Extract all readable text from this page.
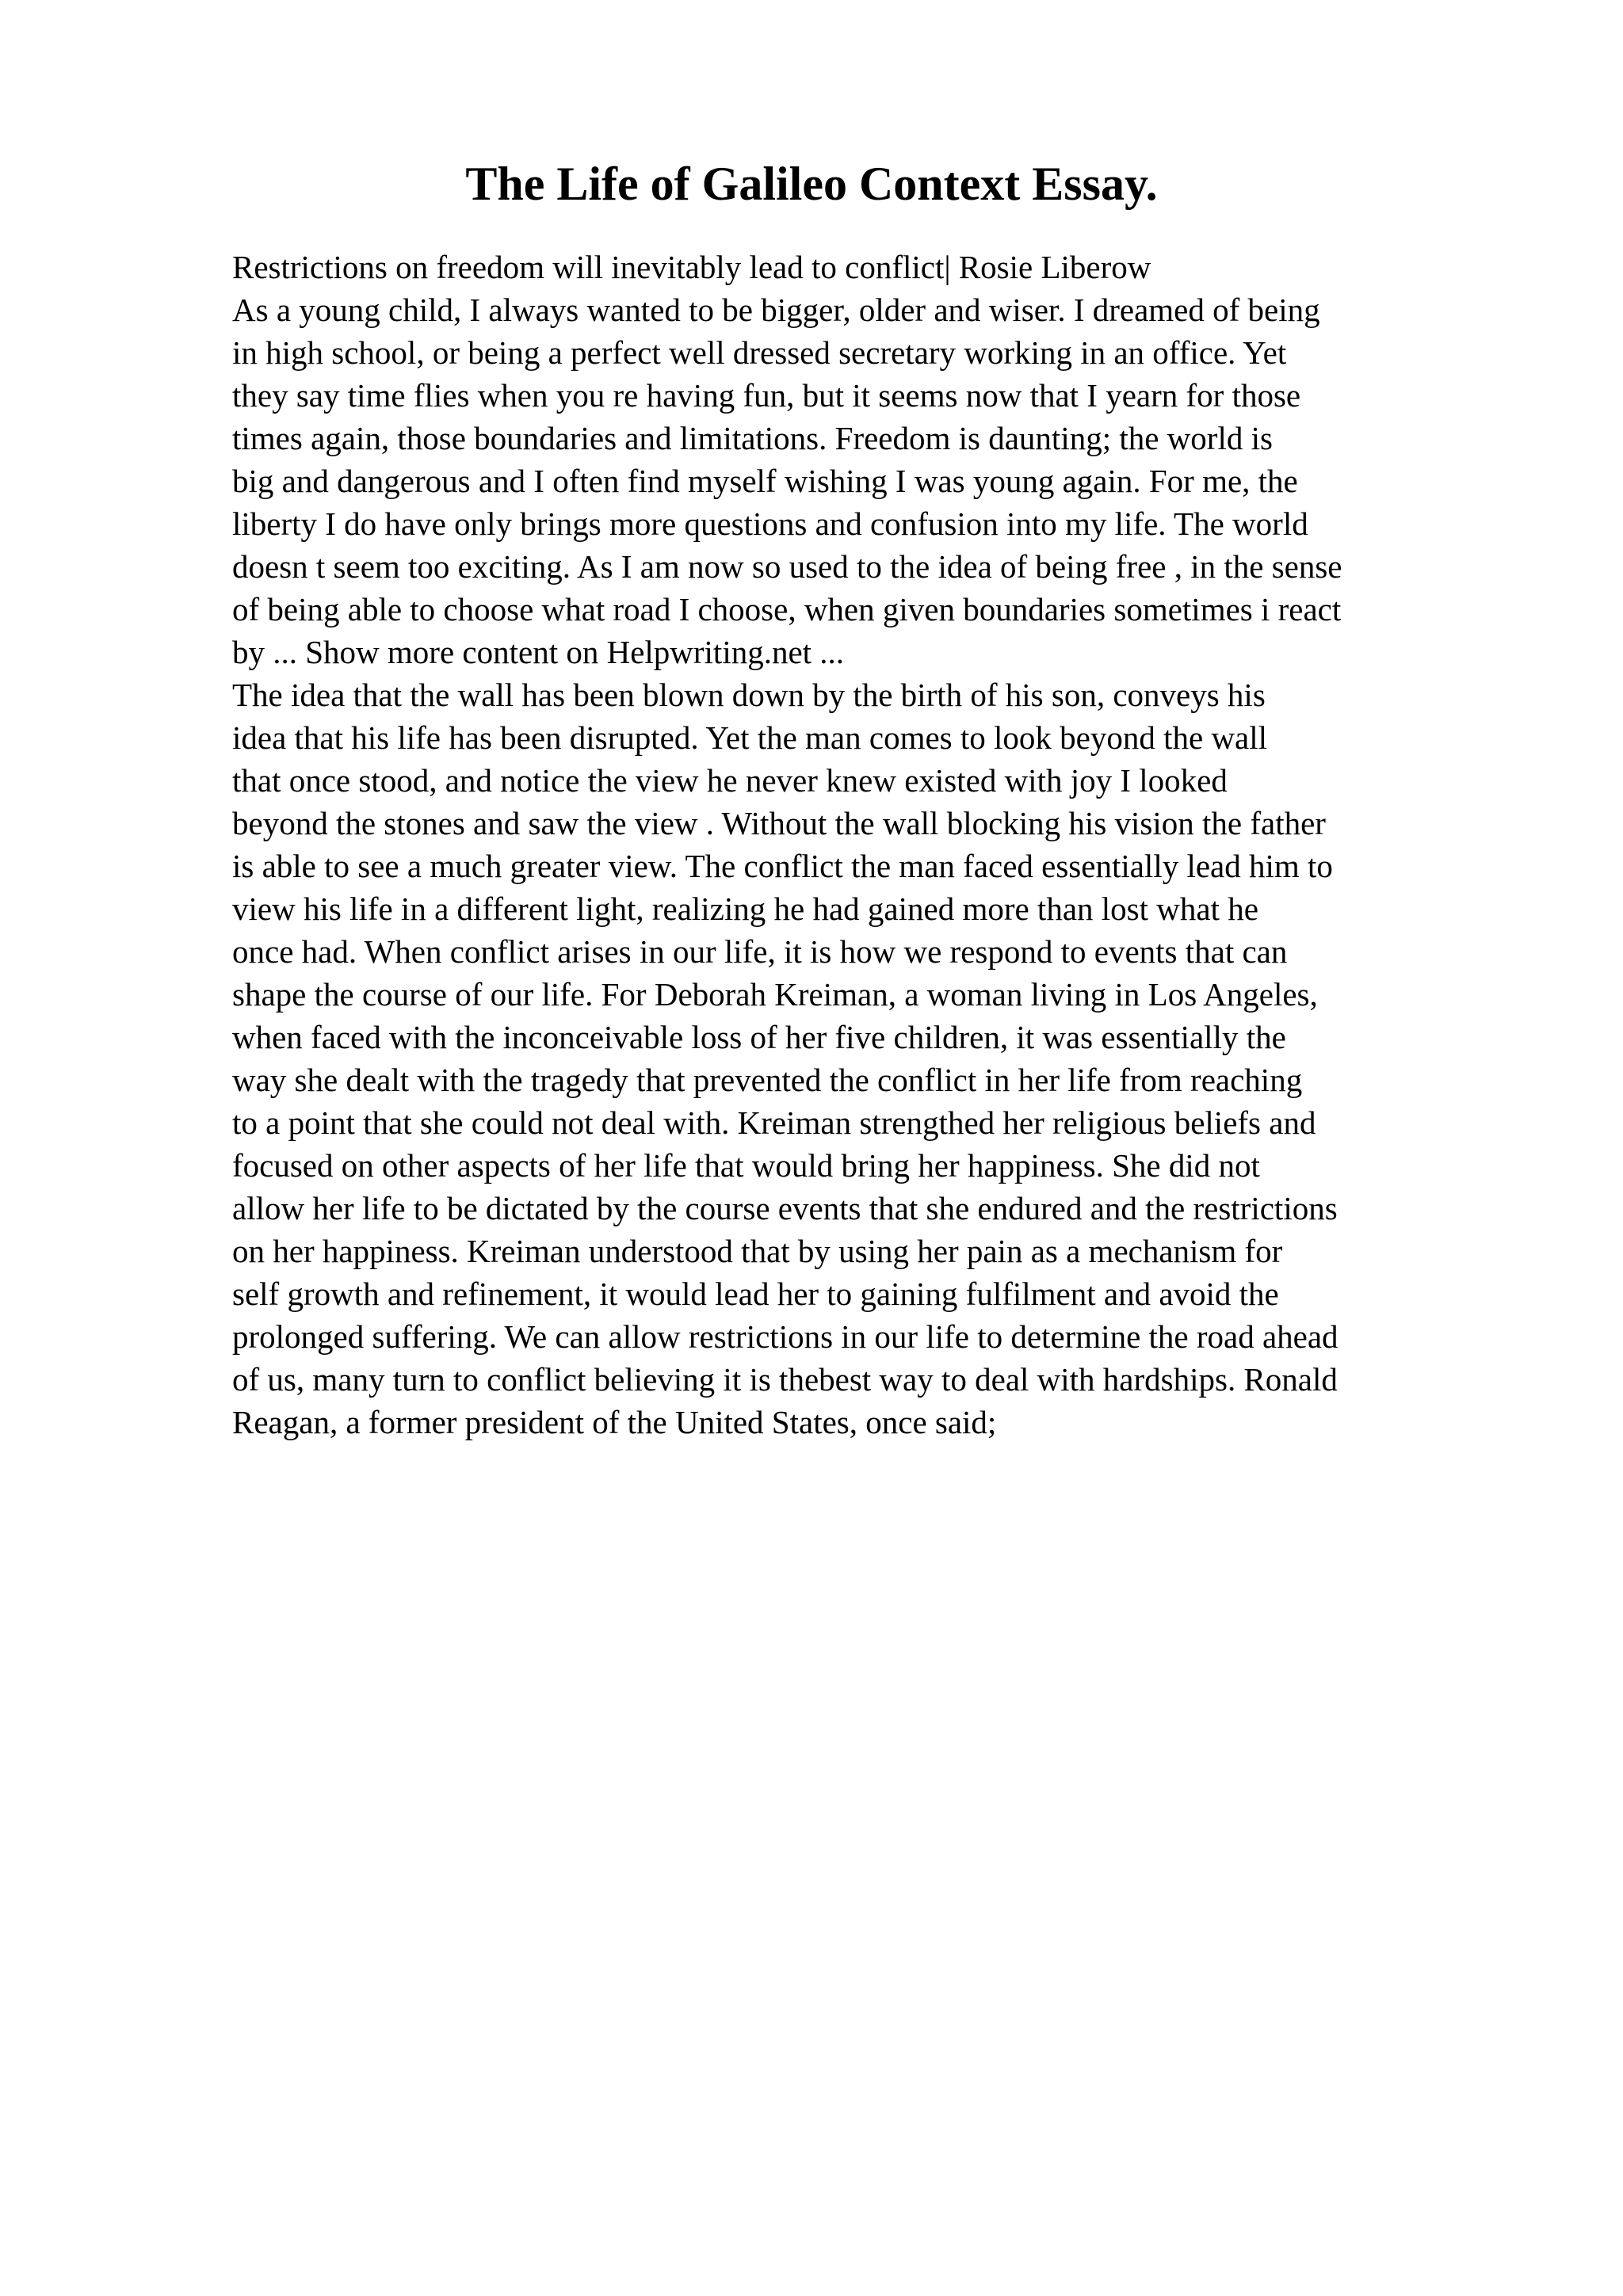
The Life of Galileo Context Essay.
Restrictions on freedom will inevitably lead to conflict| Rosie Liberow
As a young child, I always wanted to be bigger, older and wiser. I dreamed of being
in high school, or being a perfect well dressed secretary working in an office. Yet
they say time flies when you re having fun, but it seems now that I yearn for those
times again, those boundaries and limitations. Freedom is daunting; the world is
big and dangerous and I often find myself wishing I was young again. For me, the
liberty I do have only brings more questions and confusion into my life. The world
doesn t seem too exciting. As I am now so used to the idea of being free , in the sense
of being able to choose what road I choose, when given boundaries sometimes i react
by ... Show more content on Helpwriting.net ...
The idea that the wall has been blown down by the birth of his son, conveys his
idea that his life has been disrupted. Yet the man comes to look beyond the wall
that once stood, and notice the view he never knew existed with joy I looked
beyond the stones and saw the view . Without the wall blocking his vision the father
is able to see a much greater view. The conflict the man faced essentially lead him to
view his life in a different light, realizing he had gained more than lost what he
once had. When conflict arises in our life, it is how we respond to events that can
shape the course of our life. For Deborah Kreiman, a woman living in Los Angeles,
when faced with the inconceivable loss of her five children, it was essentially the
way she dealt with the tragedy that prevented the conflict in her life from reaching
to a point that she could not deal with. Kreiman strengthed her religious beliefs and
focused on other aspects of her life that would bring her happiness. She did not
allow her life to be dictated by the course events that she endured and the restrictions
on her happiness. Kreiman understood that by using her pain as a mechanism for
self growth and refinement, it would lead her to gaining fulfilment and avoid the
prolonged suffering. We can allow restrictions in our life to determine the road ahead
of us, many turn to conflict believing it is thebest way to deal with hardships. Ronald
Reagan, a former president of the United States, once said;
